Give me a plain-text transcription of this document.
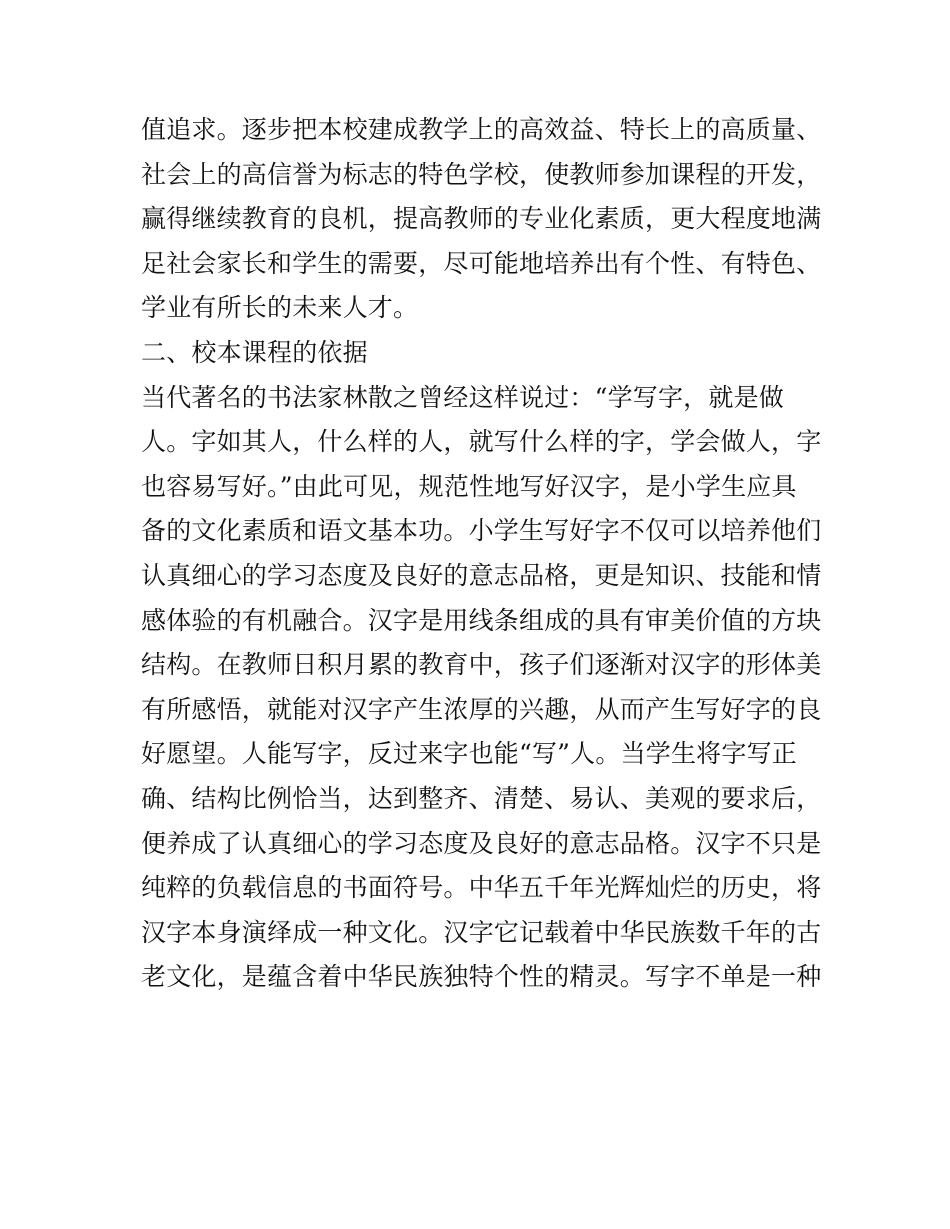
值追求。逐步把本校建成教学上的高效益、特长上的高质量、
社会上的高信誉为标志的特色学校，使教师参加课程的开发，
赢得继续教育的良机，提高教师的专业化素质，更大程度地满
足社会家长和学生的需要，尽可能地培养出有个性、有特色、
学业有所长的未来人才。
二、校本课程的依据
当代著名的书法家林散之曾经这样说过：“学写字，就是做
人。字如其人，什么样的人，就写什么样的字，学会做人，字
也容易写好。”由此可见，规范性地写好汉字，是小学生应具
备的文化素质和语文基本功。小学生写好字不仅可以培养他们
认真细心的学习态度及良好的意志品格，更是知识、技能和情
感体验的有机融合。汉字是用线条组成的具有审美价值的方块
结构。在教师日积月累的教育中，孩子们逐渐对汉字的形体美
有所感悟，就能对汉字产生浓厚的兴趣，从而产生写好字的良
好愿望。人能写字，反过来字也能“写”人。当学生将字写正
确、结构比例恰当，达到整齐、清楚、易认、美观的要求后，
便养成了认真细心的学习态度及良好的意志品格。汉字不只是
纯粹的负载信息的书面符号。中华五千年光辉灿烂的历史，将
汉字本身演绎成一种文化。汉字它记载着中华民族数千年的古
老文化，是蕴含着中华民族独特个性的精灵。写字不单是一种
